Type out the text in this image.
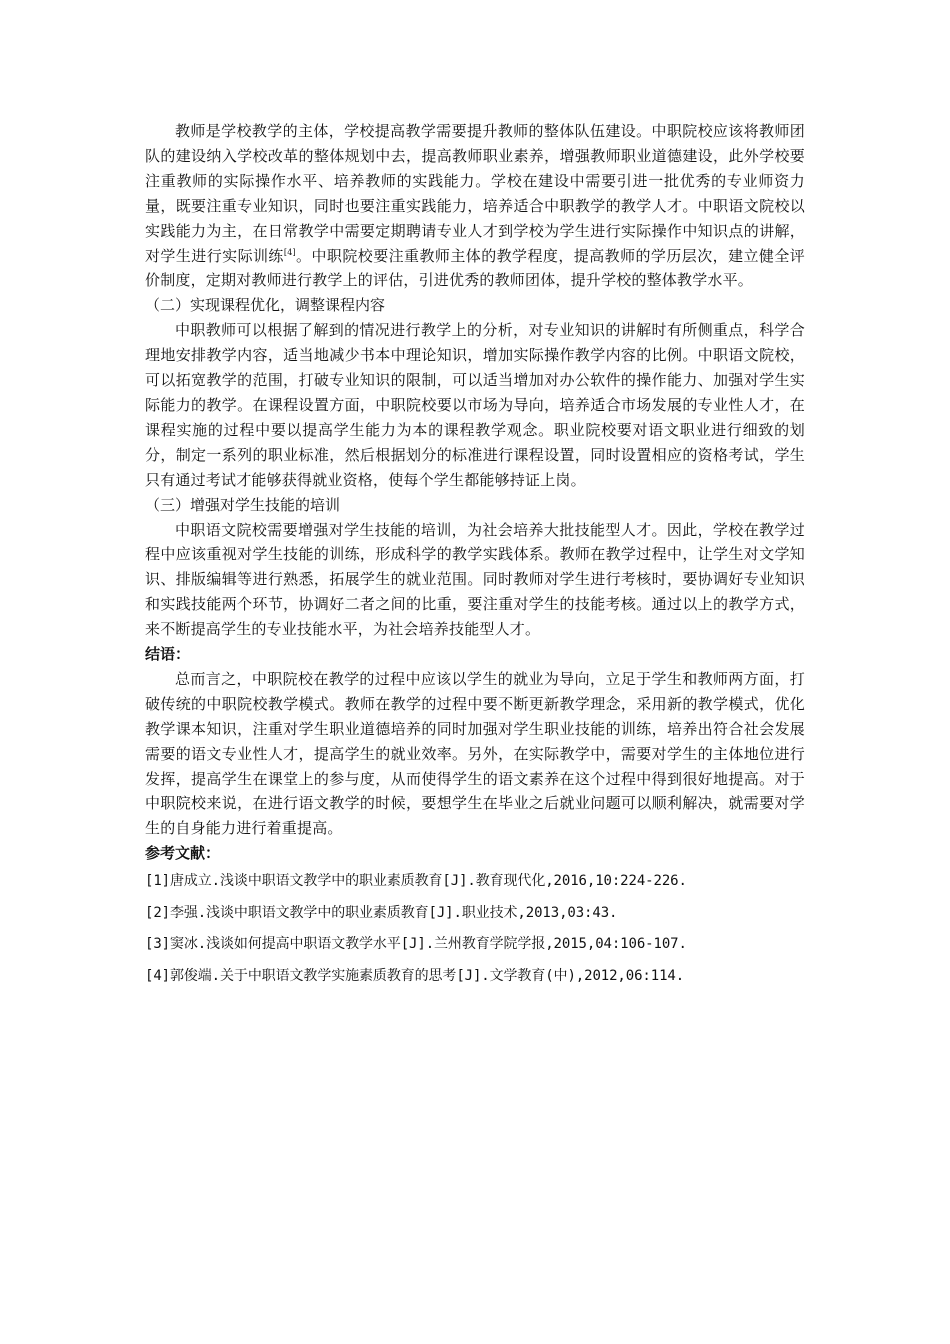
教师是学校教学的主体，学校提高教学需要提升教师的整体队伍建设。中职院校应该将教师团队的建设纳入学校改革的整体规划中去，提高教师职业素养，增强教师职业道德建设，此外学校要注重教师的实际操作水平、培养教师的实践能力。学校在建设中需要引进一批优秀的专业师资力量，既要注重专业知识，同时也要注重实践能力，培养适合中职教学的教学人才。中职语文院校以实践能力为主，在日常教学中需要定期聘请专业人才到学校为学生进行实际操作中知识点的讲解，对学生进行实际训练[4]。中职院校要注重教师主体的教学程度，提高教师的学历层次，建立健全评价制度，定期对教师进行教学上的评估，引进优秀的教师团体，提升学校的整体教学水平。

（二）实现课程优化，调整课程内容

中职教师可以根据了解到的情况进行教学上的分析，对专业知识的讲解时有所侧重点，科学合理地安排教学内容，适当地减少书本中理论知识，增加实际操作教学内容的比例。中职语文院校，可以拓宽教学的范围，打破专业知识的限制，可以适当增加对办公软件的操作能力、加强对学生实际能力的教学。在课程设置方面，中职院校要以市场为导向，培养适合市场发展的专业性人才，在课程实施的过程中要以提高学生能力为本的课程教学观念。职业院校要对语文职业进行细致的划分，制定一系列的职业标准，然后根据划分的标准进行课程设置，同时设置相应的资格考试，学生只有通过考试才能够获得就业资格，使每个学生都能够持证上岗。

（三）增强对学生技能的培训

中职语文院校需要增强对学生技能的培训，为社会培养大批技能型人才。因此，学校在教学过程中应该重视对学生技能的训练，形成科学的教学实践体系。教师在教学过程中，让学生对文学知识、排版编辑等进行熟悉，拓展学生的就业范围。同时教师对学生进行考核时，要协调好专业知识和实践技能两个环节，协调好二者之间的比重，要注重对学生的技能考核。通过以上的教学方式，来不断提高学生的专业技能水平，为社会培养技能型人才。

结语：

总而言之，中职院校在教学的过程中应该以学生的就业为导向，立足于学生和教师两方面，打破传统的中职院校教学模式。教师在教学的过程中要不断更新教学理念，采用新的教学模式，优化教学课本知识，注重对学生职业道德培养的同时加强对学生职业技能的训练，培养出符合社会发展需要的语文专业性人才，提高学生的就业效率。另外，在实际教学中，需要对学生的主体地位进行发挥，提高学生在课堂上的参与度，从而使得学生的语文素养在这个过程中得到很好地提高。对于中职院校来说，在进行语文教学的时候，要想学生在毕业之后就业问题可以顺利解决，就需要对学生的自身能力进行着重提高。

参考文献：

[1]唐成立.浅谈中职语文教学中的职业素质教育[J].教育现代化,2016,10:224-226.
[2]李强.浅谈中职语文教学中的职业素质教育[J].职业技术,2013,03:43.
[3]窦冰.浅谈如何提高中职语文教学水平[J].兰州教育学院学报,2015,04:106-107.
[4]郭俊端.关于中职语文教学实施素质教育的思考[J].文学教育(中),2012,06:114.
